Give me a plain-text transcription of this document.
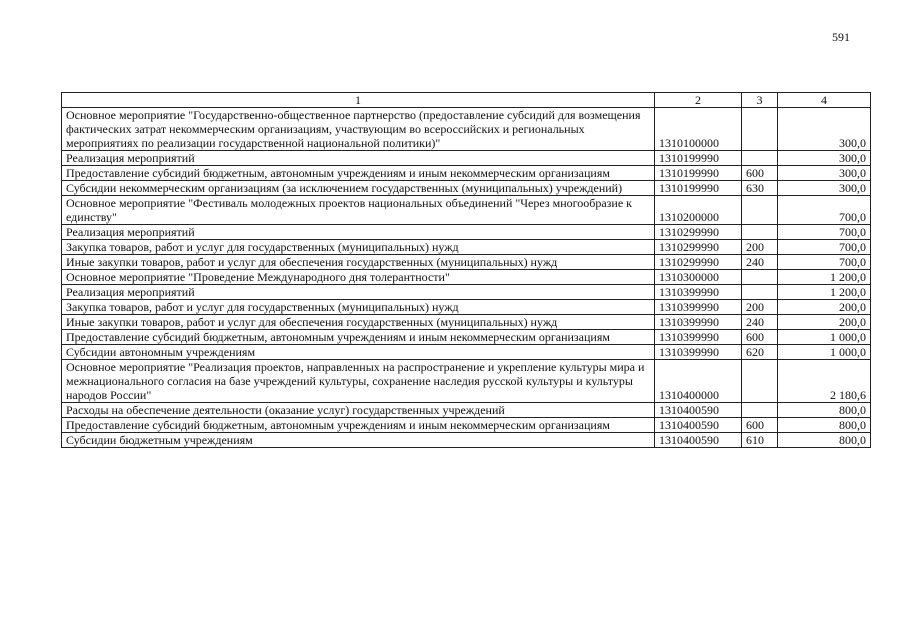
591
1	2	3	4
Основное мероприятие "Государственно-общественное партнерство (предоставление субсидий для возмещения фактических затрат некоммерческим организациям, участвующим во всероссийских и региональных мероприятиях по реализации государственной национальной политики)"	1310100000		300,0
Реализация мероприятий	1310199990		300,0
Предоставление субсидий бюджетным, автономным учреждениям и иным некоммерческим организациям	1310199990	600	300,0
Субсидии некоммерческим организациям (за исключением государственных (муниципальных) учреждений)	1310199990	630	300,0
Основное мероприятие "Фестиваль молодежных проектов национальных объединений "Через многообразие к единству"	1310200000		700,0
Реализация мероприятий	1310299990		700,0
Закупка товаров, работ и услуг для государственных (муниципальных) нужд	1310299990	200	700,0
Иные закупки товаров, работ и услуг для обеспечения государственных (муниципальных) нужд	1310299990	240	700,0
Основное мероприятие "Проведение Международного дня толерантности"	1310300000		1 200,0
Реализация мероприятий	1310399990		1 200,0
Закупка товаров, работ и услуг для государственных (муниципальных) нужд	1310399990	200	200,0
Иные закупки товаров, работ и услуг для обеспечения государственных (муниципальных) нужд	1310399990	240	200,0
Предоставление субсидий бюджетным, автономным учреждениям и иным некоммерческим организациям	1310399990	600	1 000,0
Субсидии автономным учреждениям	1310399990	620	1 000,0
Основное мероприятие "Реализация проектов, направленных на распространение и укрепление культуры мира и межнационального согласия на базе учреждений культуры, сохранение наследия русской культуры и культуры народов России"	1310400000		2 180,6
Расходы на обеспечение деятельности (оказание услуг) государственных учреждений	1310400590		800,0
Предоставление субсидий бюджетным, автономным учреждениям и иным некоммерческим организациям	1310400590	600	800,0
Субсидии бюджетным учреждениям	1310400590	610	800,0
